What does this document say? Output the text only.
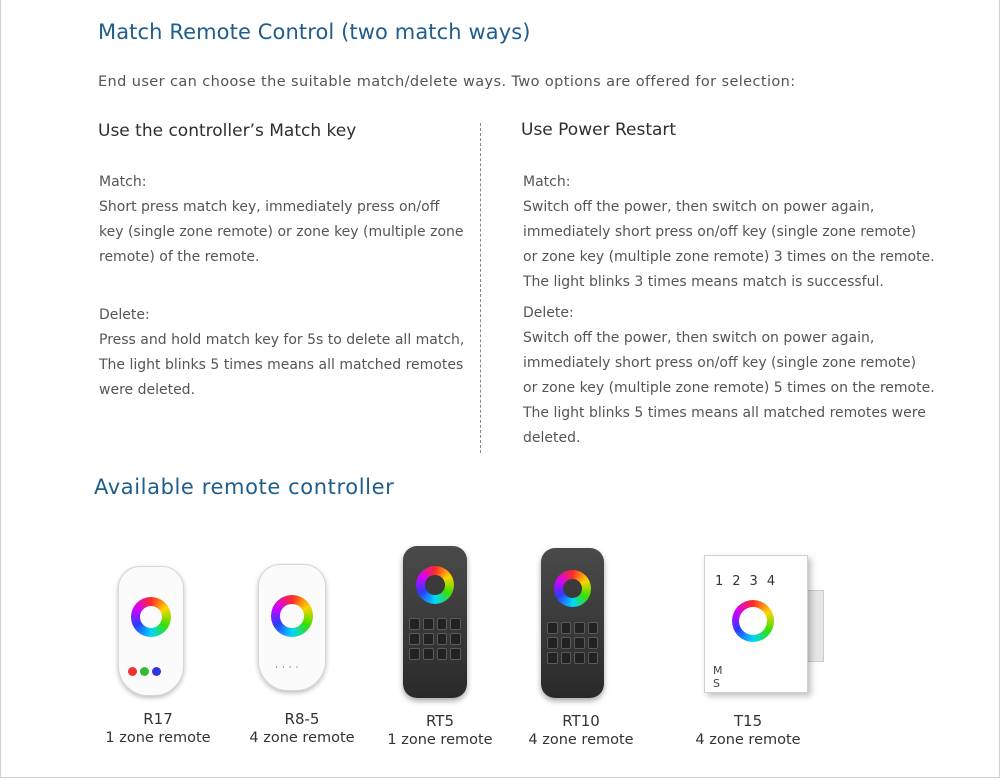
Match Remote Control (two match ways)
End user can choose the suitable match/delete ways. Two options are offered for selection:
Use the controller’s Match key	Use Power Restart
Match:

Short press match key, immediately press on/off

key (single zone remote) or zone key (multiple zone

remote) of the remote.

Delete:

Press and hold match key for 5s to delete all match,

The light blinks 5 times means all matched remotes

were deleted.

Match:

Switch off the power, then switch on power again,

immediately short press on/off key (single zone remote)

or zone key (multiple zone remote) 3 times on the remote.

The light blinks 3 times means match is successful.

Delete:

Switch off the power, then switch on power again,

immediately short press on/off key (single zone remote)

or zone key (multiple zone remote) 5 times on the remote.

The light blinks 5 times means all matched remotes were

deleted.

Available remote controller
····
1234
M S
R17
1 zone remote
R8-5
4 zone remote
RT5
1 zone remote
RT10
4 zone remote
T15
4 zone remote
